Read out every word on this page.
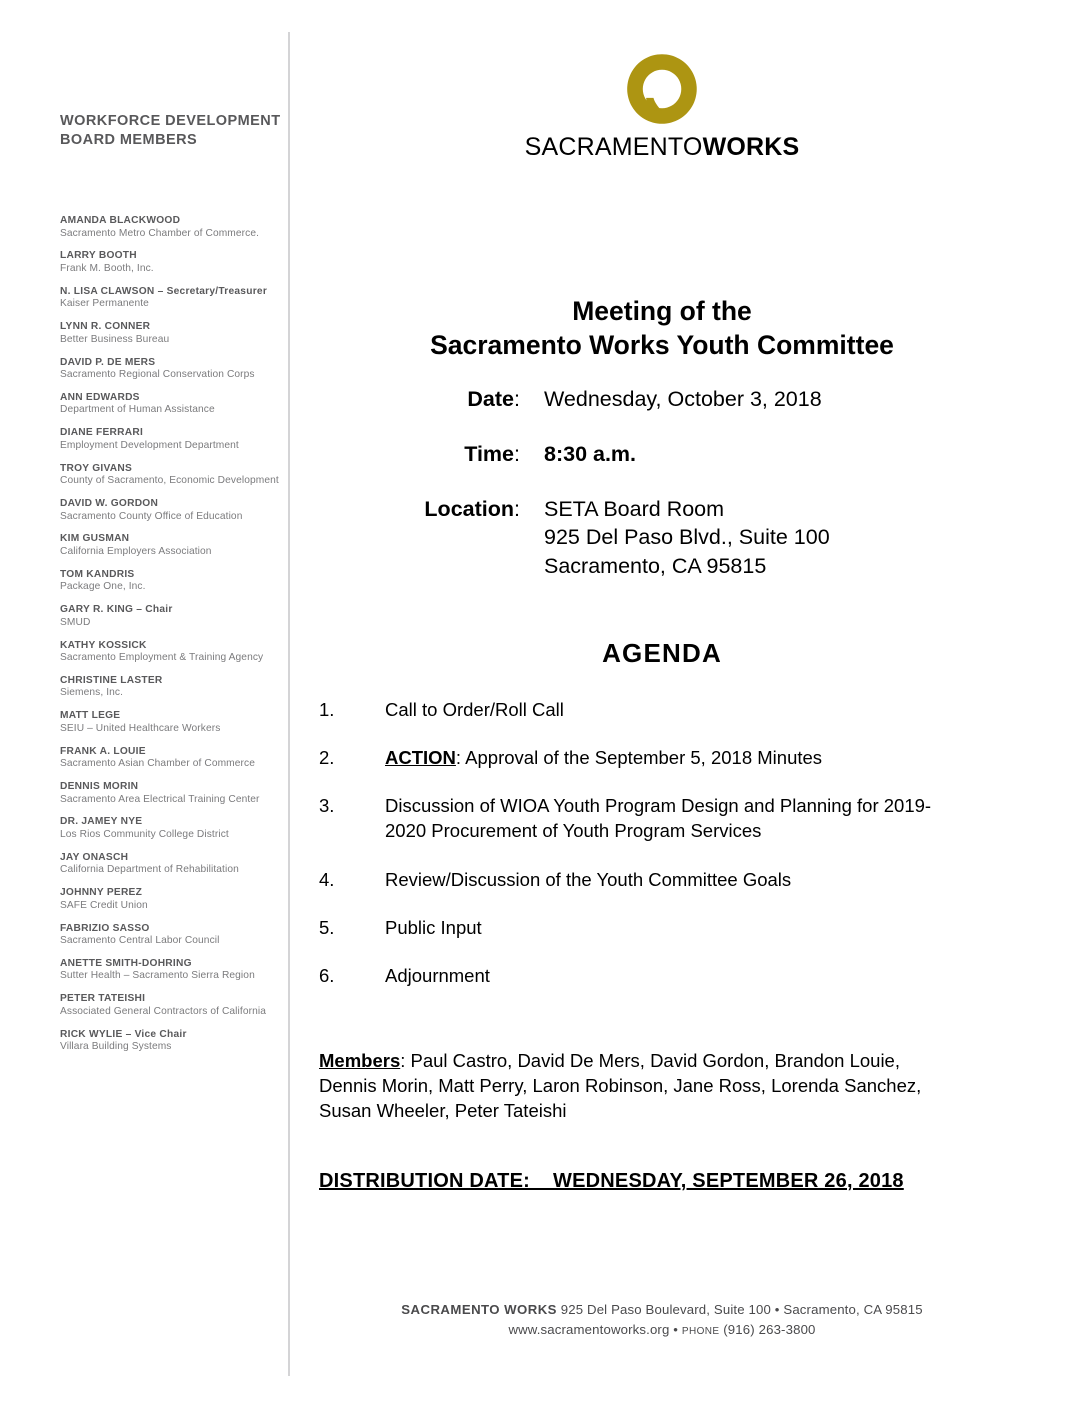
WORKFORCE DEVELOPMENT
BOARD MEMBERS
AMANDA BLACKWOOD
Sacramento Metro Chamber of Commerce.
LARRY BOOTH
Frank M. Booth, Inc.
N. LISA CLAWSON – Secretary/Treasurer
Kaiser Permanente
LYNN R. CONNER
Better Business Bureau
DAVID P. DE MERS
Sacramento Regional Conservation Corps
ANN EDWARDS
Department of Human Assistance
DIANE FERRARI
Employment Development Department
TROY GIVANS
County of Sacramento, Economic Development
DAVID W. GORDON
Sacramento County Office of Education
KIM GUSMAN
California Employers Association
TOM KANDRIS
Package One, Inc.
GARY R. KING – Chair
SMUD
KATHY KOSSICK
Sacramento Employment & Training Agency
CHRISTINE LASTER
Siemens, Inc.
MATT LEGE
SEIU – United Healthcare Workers
FRANK A. LOUIE
Sacramento Asian Chamber of Commerce
DENNIS MORIN
Sacramento Area Electrical Training Center
DR. JAMEY NYE
Los Rios Community College District
JAY ONASCH
California Department of Rehabilitation
JOHNNY PEREZ
SAFE Credit Union
FABRIZIO SASSO
Sacramento Central Labor Council
ANETTE SMITH-DOHRING
Sutter Health – Sacramento Sierra Region
PETER TATEISHI
Associated General Contractors of California
RICK WYLIE – Vice Chair
Villara Building Systems
SACRAMENTOWORKS
Meeting of the
Sacramento Works Youth Committee
Date: Wednesday, October 3, 2018
Time: 8:30 a.m.
Location: SETA Board Room
925 Del Paso Blvd., Suite 100
Sacramento, CA 95815
AGENDA
1.	Call to Order/Roll Call
2.	ACTION: Approval of the September 5, 2018 Minutes
3.	Discussion of WIOA Youth Program Design and Planning for 2019-2020 Procurement of Youth Program Services
4.	Review/Discussion of the Youth Committee Goals
5.	Public Input
6.	Adjournment
Members: Paul Castro, David De Mers, David Gordon, Brandon Louie, Dennis Morin, Matt Perry, Laron Robinson, Jane Ross, Lorenda Sanchez, Susan Wheeler, Peter Tateishi
DISTRIBUTION DATE:    WEDNESDAY, SEPTEMBER 26, 2018
SACRAMENTO WORKS 925 Del Paso Boulevard, Suite 100 • Sacramento, CA 95815
www.sacramentoworks.org • PHONE (916) 263-3800
